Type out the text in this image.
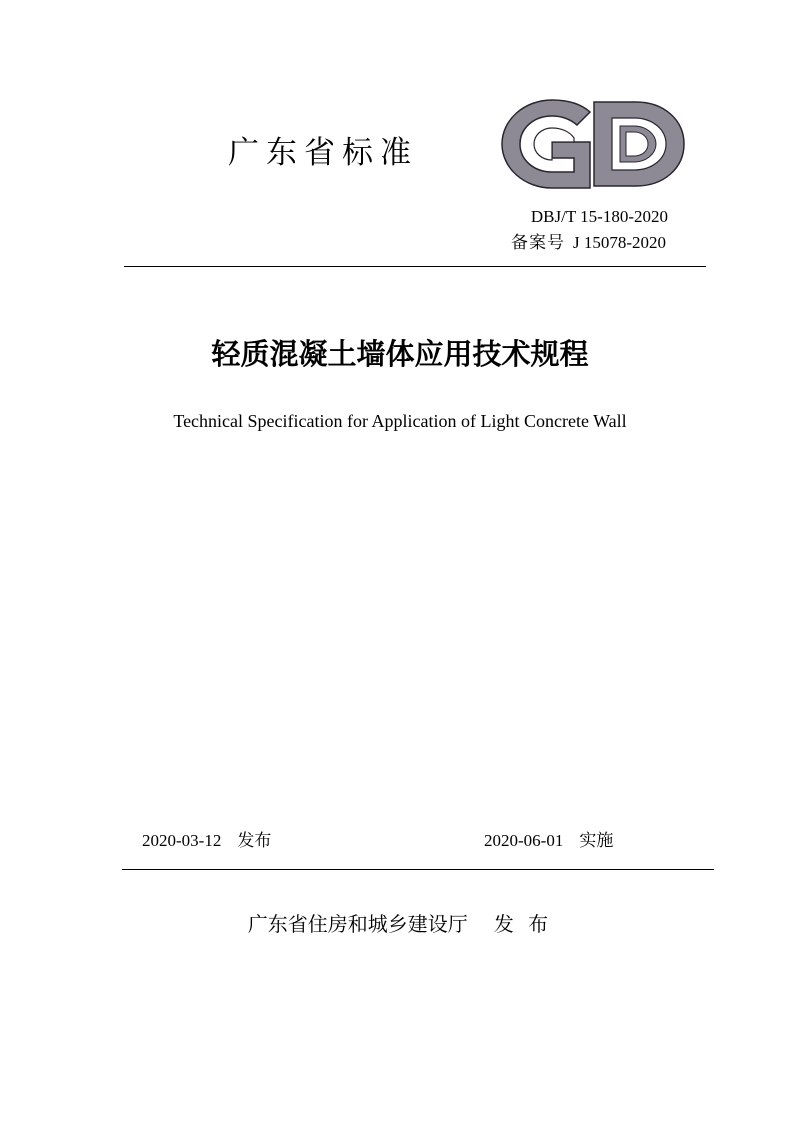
广东省标准
DBJ/T 15-180-2020
备案号 J 15078-2020
轻质混凝土墙体应用技术规程
Technical Specification for Application of Light Concrete Wall
2020-03-12 发布	2020-06-01 实施
广东省住房和城乡建设厅 发 布
